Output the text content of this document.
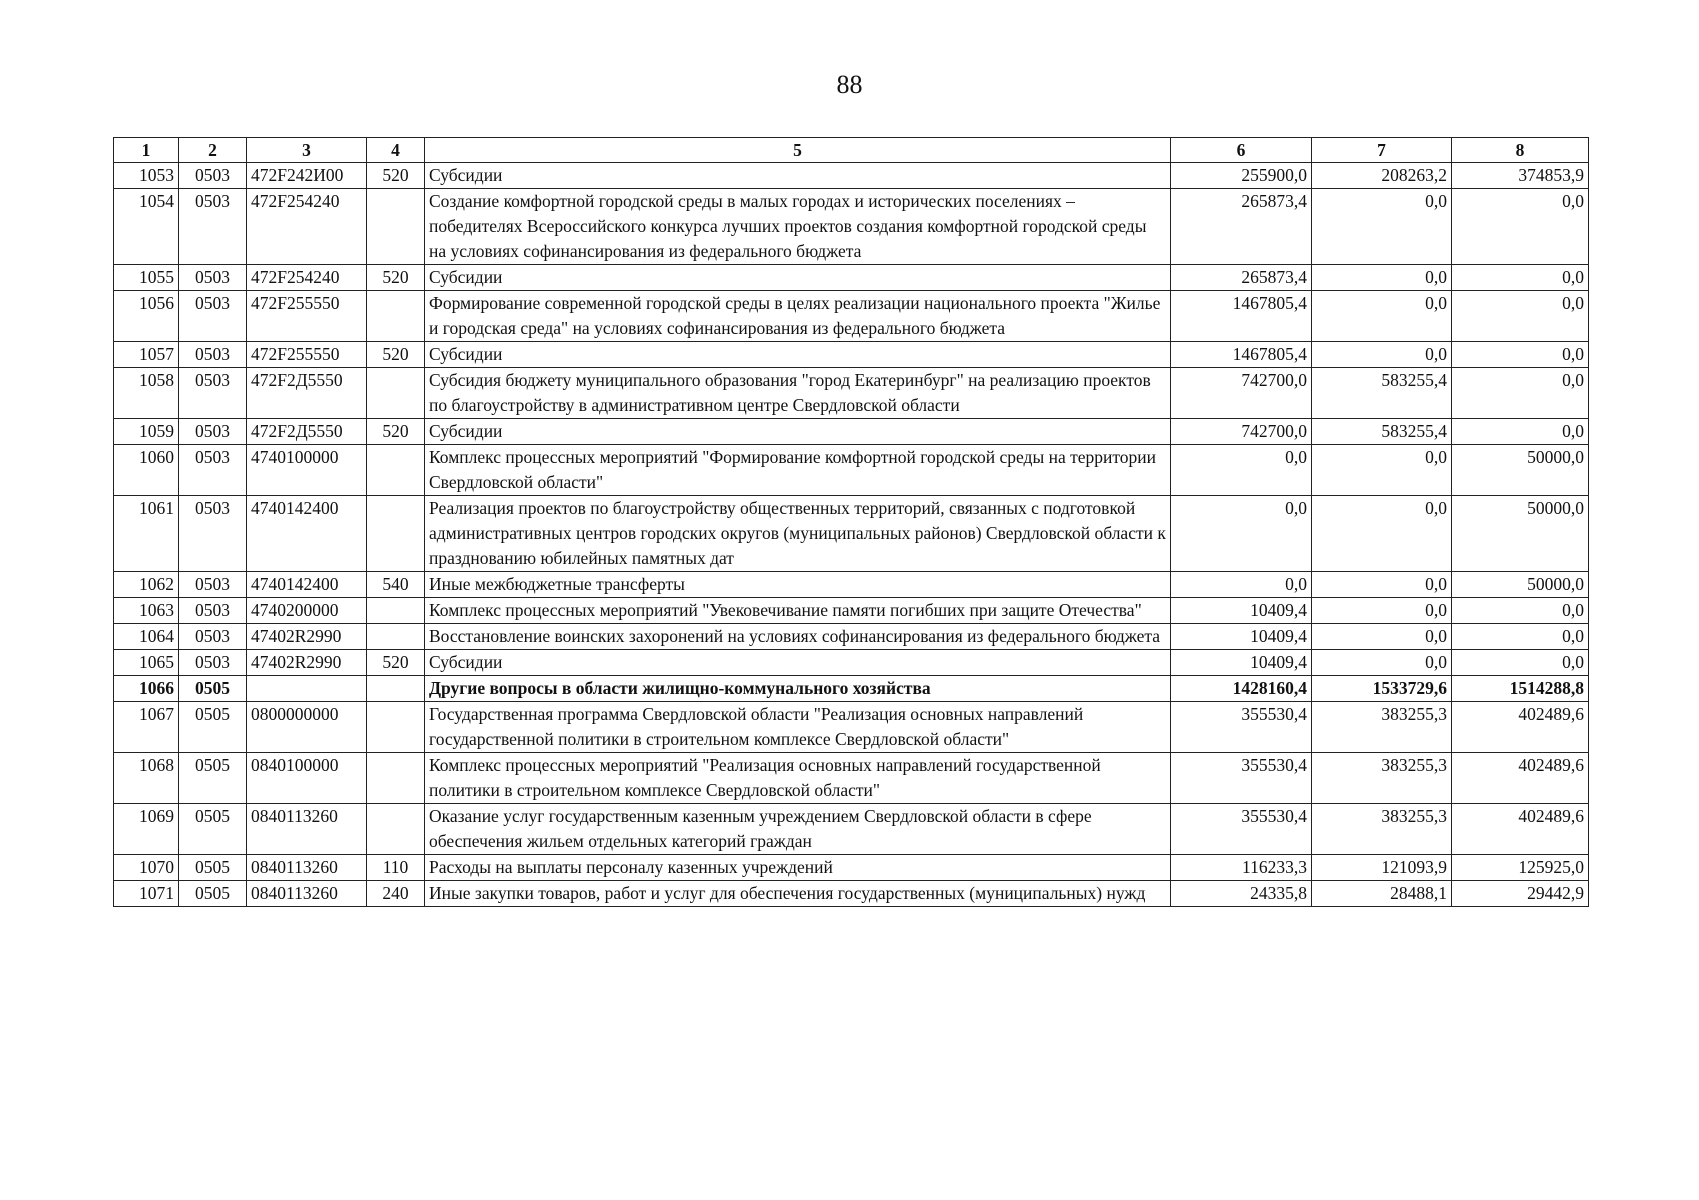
88
1	2	3	4	5	6	7	8
1053	0503	472F242И00	520	Субсидии	255900,0	208263,2	374853,9
1054	0503	472F254240		Создание комфортной городской среды в малых городах и исторических поселениях – победителях Всероссийского конкурса лучших проектов создания комфортной городской среды на условиях софинансирования из федерального бюджета	265873,4	0,0	0,0
1055	0503	472F254240	520	Субсидии	265873,4	0,0	0,0
1056	0503	472F255550		Формирование современной городской среды в целях реализации национального проекта "Жилье и городская среда" на условиях софинансирования из федерального бюджета	1467805,4	0,0	0,0
1057	0503	472F255550	520	Субсидии	1467805,4	0,0	0,0
1058	0503	472F2Д5550		Субсидия бюджету муниципального образования "город Екатеринбург" на реализацию проектов по благоустройству в административном центре Свердловской области	742700,0	583255,4	0,0
1059	0503	472F2Д5550	520	Субсидии	742700,0	583255,4	0,0
1060	0503	4740100000		Комплекс процессных мероприятий "Формирование комфортной городской среды на территории Свердловской области"	0,0	0,0	50000,0
1061	0503	4740142400		Реализация проектов по благоустройству общественных территорий, связанных с подготовкой административных центров городских округов (муниципальных районов) Свердловской области к празднованию юбилейных памятных дат	0,0	0,0	50000,0
1062	0503	4740142400	540	Иные межбюджетные трансферты	0,0	0,0	50000,0
1063	0503	4740200000		Комплекс процессных мероприятий "Увековечивание памяти погибших при защите Отечества"	10409,4	0,0	0,0
1064	0503	47402R2990		Восстановление воинских захоронений на условиях софинансирования из федерального бюджета	10409,4	0,0	0,0
1065	0503	47402R2990	520	Субсидии	10409,4	0,0	0,0
1066	0505			Другие вопросы в области жилищно-коммунального хозяйства	1428160,4	1533729,6	1514288,8
1067	0505	0800000000		Государственная программа Свердловской области "Реализация основных направлений государственной политики в строительном комплексе Свердловской области"	355530,4	383255,3	402489,6
1068	0505	0840100000		Комплекс процессных мероприятий "Реализация основных направлений государственной политики в строительном комплексе Свердловской области"	355530,4	383255,3	402489,6
1069	0505	0840113260		Оказание услуг государственным казенным учреждением Свердловской области в сфере обеспечения жильем отдельных категорий граждан	355530,4	383255,3	402489,6
1070	0505	0840113260	110	Расходы на выплаты персоналу казенных учреждений	116233,3	121093,9	125925,0
1071	0505	0840113260	240	Иные закупки товаров, работ и услуг для обеспечения государственных (муниципальных) нужд	24335,8	28488,1	29442,9
